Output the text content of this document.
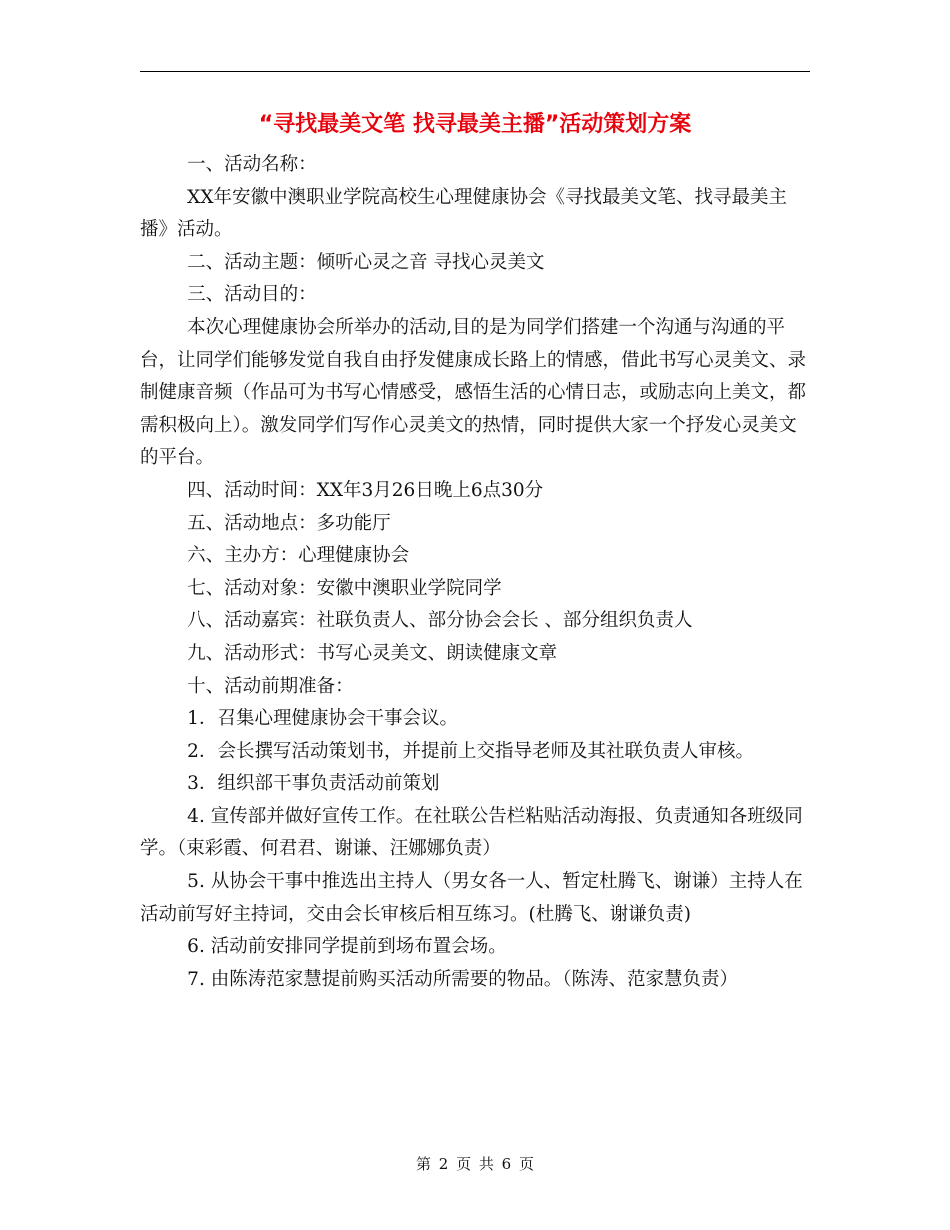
“寻找最美文笔 找寻最美主播”活动策划方案

一、活动名称：

XX年安徽中澳职业学院高校生心理健康协会《寻找最美文笔、找寻最美主播》活动。

二、活动主题：倾听心灵之音 寻找心灵美文

三、活动目的：

本次心理健康协会所举办的活动,目的是为同学们搭建一个沟通与沟通的平台，让同学们能够发觉自我自由抒发健康成长路上的情感，借此书写心灵美文、录制健康音频（作品可为书写心情感受，感悟生活的心情日志，或励志向上美文，都需积极向上）。激发同学们写作心灵美文的热情，同时提供大家一个抒发心灵美文的平台。

四、活动时间：XX年3月26日晚上6点30分

五、活动地点：多功能厅

六、主办方：心理健康协会

七、活动对象：安徽中澳职业学院同学

八、活动嘉宾：社联负责人、部分协会会长 、部分组织负责人

九、活动形式：书写心灵美文、朗读健康文章

十、活动前期准备：

1．召集心理健康协会干事会议。

2．会长撰写活动策划书，并提前上交指导老师及其社联负责人审核。

3．组织部干事负责活动前策划

4. 宣传部并做好宣传工作。在社联公告栏粘贴活动海报、负责通知各班级同学。（束彩霞、何君君、谢谦、汪娜娜负责）

5. 从协会干事中推选出主持人（男女各一人、暂定杜腾飞、谢谦）主持人在活动前写好主持词，交由会长审核后相互练习。(杜腾飞、谢谦负责)

6. 活动前安排同学提前到场布置会场。

7. 由陈涛范家慧提前购买活动所需要的物品。（陈涛、范家慧负责）

第 2 页 共 6 页
